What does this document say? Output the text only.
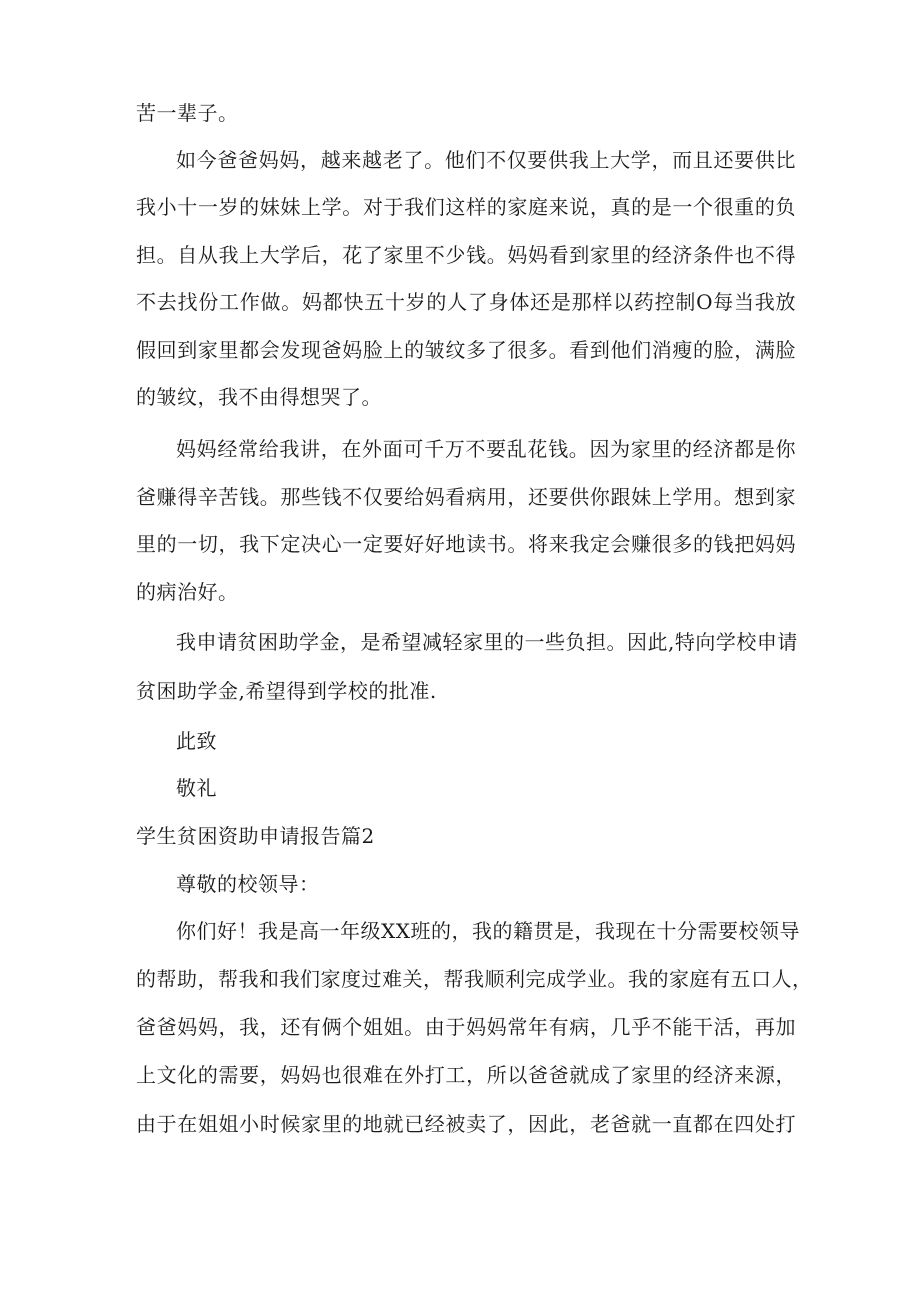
苦一辈子。
如今爸爸妈妈，越来越老了。他们不仅要供我上大学，而且还要供比
我小十一岁的妹妹上学。对于我们这样的家庭来说，真的是一个很重的负
担。自从我上大学后，花了家里不少钱。妈妈看到家里的经济条件也不得
不去找份工作做。妈都快五十岁的人了身体还是那样以药控制O每当我放
假回到家里都会发现爸妈脸上的皱纹多了很多。看到他们消瘦的脸，满脸
的皱纹，我不由得想哭了。
妈妈经常给我讲，在外面可千万不要乱花钱。因为家里的经济都是你
爸赚得辛苦钱。那些钱不仅要给妈看病用，还要供你跟妹上学用。想到家
里的一切，我下定决心一定要好好地读书。将来我定会赚很多的钱把妈妈
的病治好。
我申请贫困助学金，是希望减轻家里的一些负担。因此,特向学校申请
贫困助学金,希望得到学校的批准.
此致
敬礼
学生贫困资助申请报告篇2
尊敬的校领导：
你们好！我是高一年级XX班的，我的籍贯是，我现在十分需要校领导
的帮助，帮我和我们家度过难关，帮我顺利完成学业。我的家庭有五口人，
爸爸妈妈，我，还有俩个姐姐。由于妈妈常年有病，几乎不能干活，再加
上文化的需要，妈妈也很难在外打工，所以爸爸就成了家里的经济来源，
由于在姐姐小时候家里的地就已经被卖了，因此，老爸就一直都在四处打
